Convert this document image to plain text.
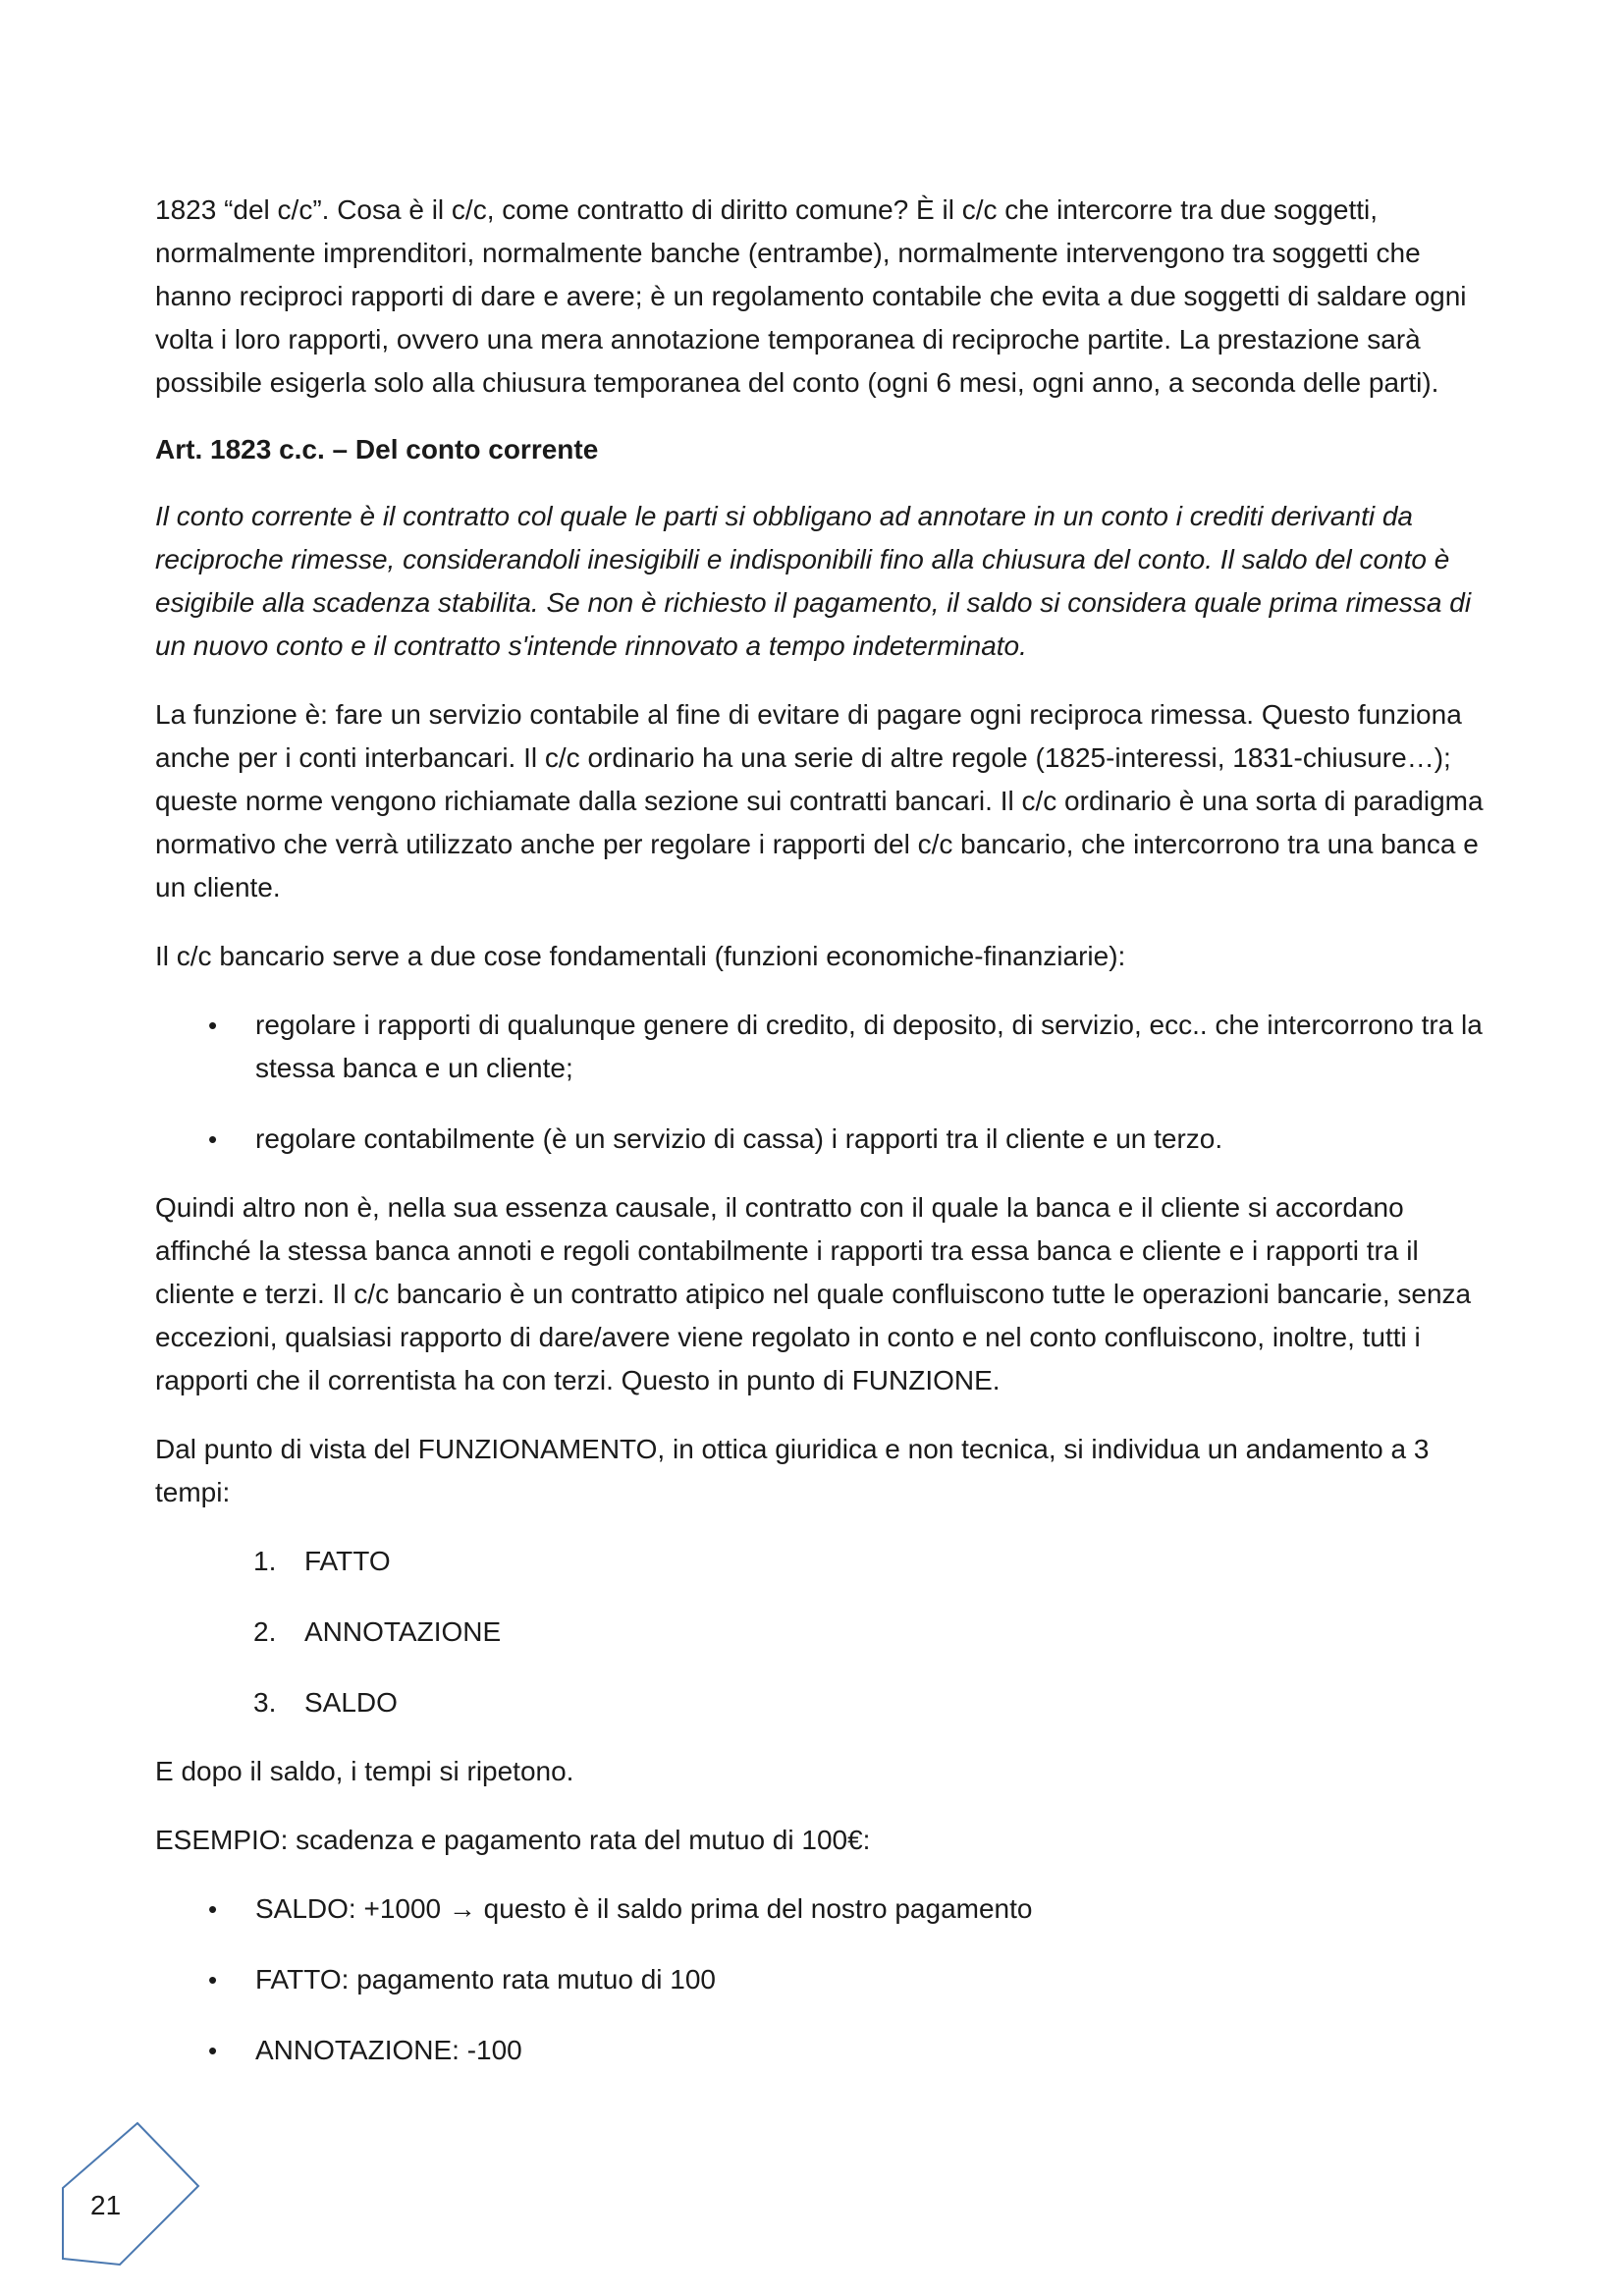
1823 “del c/c”. Cosa è il c/c, come contratto di diritto comune? È il c/c che intercorre tra due soggetti, normalmente imprenditori, normalmente banche (entrambe), normalmente intervengono tra soggetti che hanno reciproci rapporti di dare e avere; è un regolamento contabile che evita a due soggetti di saldare ogni volta i loro rapporti, ovvero una mera annotazione temporanea di reciproche partite. La prestazione sarà possibile esigerla solo alla chiusura temporanea del conto (ogni 6 mesi, ogni anno, a seconda delle parti).

Art. 1823 c.c. – Del conto corrente

Il conto corrente è il contratto col quale le parti si obbligano ad annotare in un conto i crediti derivanti da reciproche rimesse, considerandoli inesigibili e indisponibili fino alla chiusura del conto. Il saldo del conto è esigibile alla scadenza stabilita. Se non è richiesto il pagamento, il saldo si considera quale prima rimessa di un nuovo conto e il contratto s'intende rinnovato a tempo indeterminato.

La funzione è: fare un servizio contabile al fine di evitare di pagare ogni reciproca rimessa. Questo funziona anche per i conti interbancari. Il c/c ordinario ha una serie di altre regole (1825-interessi, 1831-chiusure…); queste norme vengono richiamate dalla sezione sui contratti bancari. Il c/c ordinario è una sorta di paradigma normativo che verrà utilizzato anche per regolare i rapporti del c/c bancario, che intercorrono tra una banca e un cliente.

Il c/c bancario serve a due cose fondamentali (funzioni economiche-finanziarie):

• regolare i rapporti di qualunque genere di credito, di deposito, di servizio, ecc.. che intercorrono tra la stessa banca e un cliente;
• regolare contabilmente (è un servizio di cassa) i rapporti tra il cliente e un terzo.

Quindi altro non è, nella sua essenza causale, il contratto con il quale la banca e il cliente si accordano affinché la stessa banca annoti e regoli contabilmente i rapporti tra essa banca e cliente e i rapporti tra il cliente e terzi. Il c/c bancario è un contratto atipico nel quale confluiscono tutte le operazioni bancarie, senza eccezioni, qualsiasi rapporto di dare/avere viene regolato in conto e nel conto confluiscono, inoltre, tutti i rapporti che il correntista ha con terzi. Questo in punto di FUNZIONE.

Dal punto di vista del FUNZIONAMENTO, in ottica giuridica e non tecnica, si individua un andamento a 3 tempi:

1. FATTO
2. ANNOTAZIONE
3. SALDO

E dopo il saldo, i tempi si ripetono.

ESEMPIO: scadenza e pagamento rata del mutuo di 100€:

• SALDO: +1000 → questo è il saldo prima del nostro pagamento
• FATTO: pagamento rata mutuo di 100
• ANNOTAZIONE: -100
21
